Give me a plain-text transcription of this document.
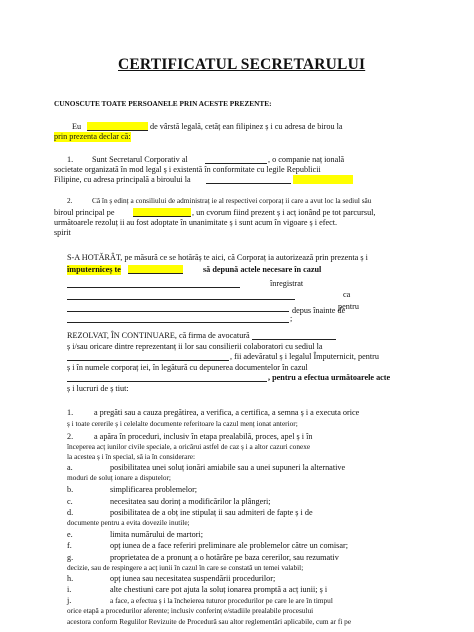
CERTIFICATUL SECRETARULUI
CUNOSCUTE TOATE PERSOANELE PRIN ACESTE PREZENTE:
Eu	de vârstă legală, cetăț ean filipinez ș i cu adresa de birou la
prin prezenta declar că:
1. Sunt Secretarul Corporativ al	, o companie naț ională
societate organizată în mod legal ș i existentă în conformitate cu legile Republicii
Filipine, cu adresa principală a biroului la
2.	Că în ș edinț a consiliului de administraț ie al respectivei corporaț ii care a avut loc la sediul său
biroul principal pe	, un cvorum fiind prezent ș i acț ionând pe tot parcursul,
următoarele rezoluț ii au fost adoptate în unanimitate ș i sunt acum în vigoare ș i efect.
spirit
S-A HOTĂRÂT, pe măsură ce se hotărăș te aici, că Corporaț ia autorizează prin prezenta ș i
împuterniceș te	să depună actele necesare în cazul
înregistrat
ca
pentru
depus înainte de
;
REZOLVAT, ÎN CONTINUARE, că firma de avocatură
ș i/sau oricare dintre reprezentanț ii lor sau consilierii colaboratori cu sediul la
, fii adevăratul ș i legalul Împuternicit, pentru
ș i în numele corporaț iei, în legătură cu depunerea documentelor în cazul
, pentru a efectua următoarele acte
ș i lucruri de ș tiut:
1.	a pregăti sau a cauza pregătirea, a verifica, a certifica, a semna ș i a executa orice
ș i toate cererile ș i celelalte documente referitoare la cazul menț ionat anterior;
2.	a apăra în proceduri, inclusiv în etapa prealabilă, proces, apel ș i în
începerea acț iunilor civile speciale, a oricărui astfel de caz ș i a altor cazuri conexe
la acestea ș i în special, să ia în considerare:
a.	posibilitatea unei soluț ionări amiabile sau a unei supuneri la alternative
moduri de soluț ionare a disputelor;
b.	simplificarea problemelor;
c.	necesitatea sau dorinț a modificărilor la plângeri;
d.	posibilitatea de a obț ine stipulaț ii sau admiteri de fapte ș i de
documente pentru a evita dovezile inutile;
e.	limita numărului de martori;
f.	opț iunea de a face referiri preliminare ale problemelor către un comisar;
g.	proprietatea de a pronunț a o hotărâre pe baza cererilor, sau rezumativ
decizie, sau de respingere a acț iunii în cazul în care se constată un temei valabil;
h.	opț iunea sau necesitatea suspendării procedurilor;
i.	alte chestiuni care pot ajuta la soluț ionarea promptă a acț iunii; ș i
j.	a face, a efectua ș i la încheierea tuturor procedurilor pe care le are în timpul
orice etapă a procedurilor aferente; inclusiv conferinț e/stadiile prealabile procesului
acestora conform Regulilor Revizuite de Procedură sau altor reglementări aplicabile, cum ar fi pe
